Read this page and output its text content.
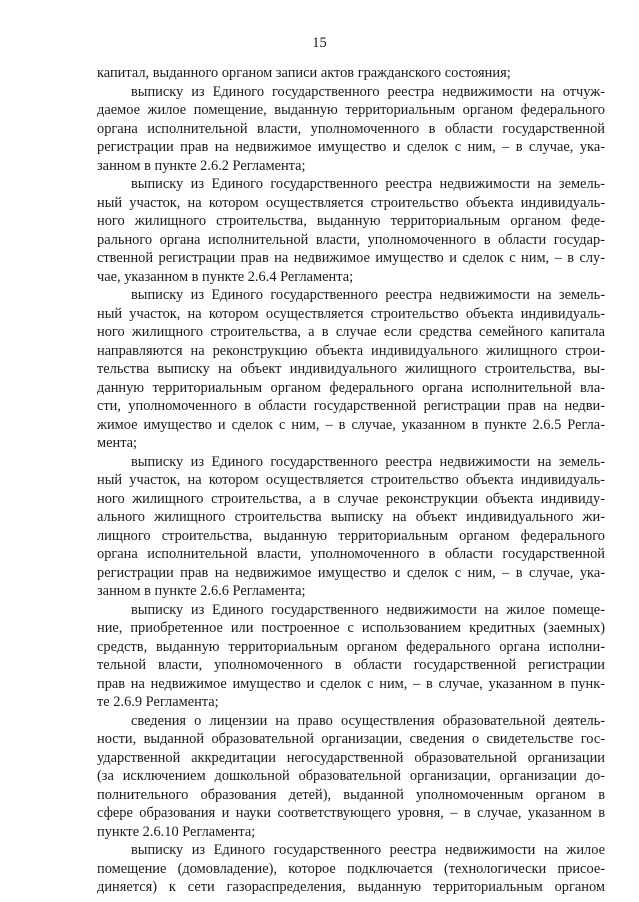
15
капитал, выданного органом записи актов гражданского состояния;
выписку из Единого государственного реестра недвижимости на отчуж-
даемое жилое помещение, выданную территориальным органом федерального
органа исполнительной власти, уполномоченного в области государственной
регистрации прав на недвижимое имущество и сделок с ним, – в случае, ука-
занном в пункте 2.6.2 Регламента;
выписку из Единого государственного реестра недвижимости на земель-
ный участок, на котором осуществляется строительство объекта индивидуаль-
ного жилищного строительства, выданную территориальным органом феде-
рального органа исполнительной власти, уполномоченного в области государ-
ственной регистрации прав на недвижимое имущество и сделок с ним, – в слу-
чае, указанном в пункте 2.6.4 Регламента;
выписку из Единого государственного реестра недвижимости на земель-
ный участок, на котором осуществляется строительство объекта индивидуаль-
ного жилищного строительства, а в случае если средства семейного капитала
направляются на реконструкцию объекта индивидуального жилищного строи-
тельства выписку на объект индивидуального жилищного строительства, вы-
данную территориальным органом федерального органа исполнительной вла-
сти, уполномоченного в области государственной регистрации прав на недви-
жимое имущество и сделок с ним, – в случае, указанном в пункте 2.6.5 Регла-
мента;
выписку из Единого государственного реестра недвижимости на земель-
ный участок, на котором осуществляется строительство объекта индивидуаль-
ного жилищного строительства, а в случае реконструкции объекта индивиду-
ального жилищного строительства выписку на объект индивидуального жи-
лищного строительства, выданную территориальным органом федерального
органа исполнительной власти, уполномоченного в области государственной
регистрации прав на недвижимое имущество и сделок с ним, – в случае, ука-
занном в пункте 2.6.6 Регламента;
выписку из Единого государственного недвижимости на жилое помеще-
ние, приобретенное или построенное с использованием кредитных (заемных)
средств, выданную территориальным органом федерального органа исполни-
тельной власти, уполномоченного в области государственной регистрации
прав на недвижимое имущество и сделок с ним, – в случае, указанном в пунк-
те 2.6.9 Регламента;
сведения о лицензии на право осуществления образовательной деятель-
ности, выданной образовательной организации, сведения о свидетельстве гос-
ударственной аккредитации негосударственной образовательной организации
(за исключением дошкольной образовательной организации, организации до-
полнительного образования детей), выданной уполномоченным органом в
сфере образования и науки соответствующего уровня, – в случае, указанном в
пункте 2.6.10 Регламента;
выписку из Единого государственного реестра недвижимости на жилое
помещение (домовладение), которое подключается (технологически присое-
диняется) к сети газораспределения, выданную территориальным органом
